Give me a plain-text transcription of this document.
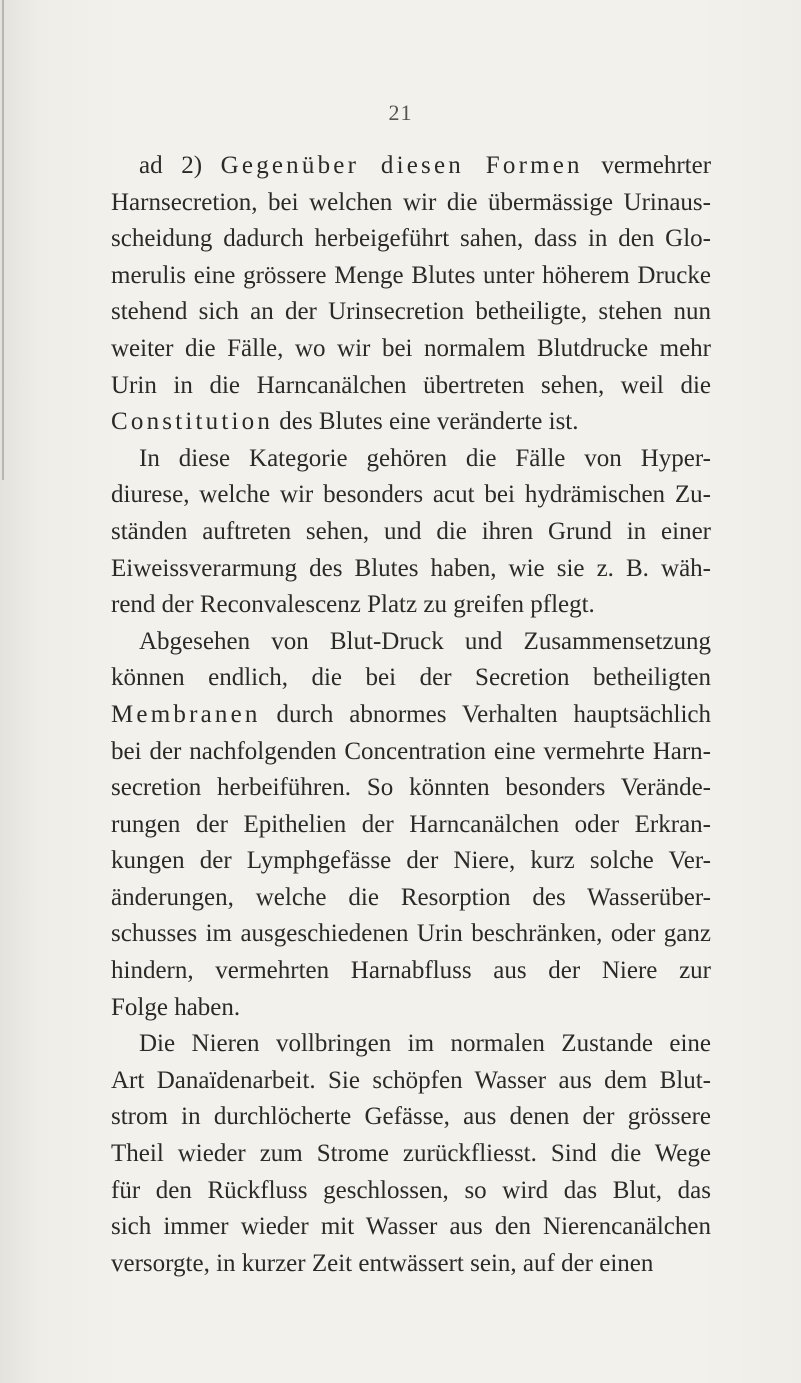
21
ad 2) Gegenüber diesen Formen vermehrter
Harnsecretion, bei welchen wir die übermässige Urinaus-
scheidung dadurch herbeigeführt sahen, dass in den Glo-
merulis eine grössere Menge Blutes unter höherem Drucke
stehend sich an der Urinsecretion betheiligte, stehen nun
weiter die Fälle, wo wir bei normalem Blutdrucke mehr
Urin in die Harncanälchen übertreten sehen, weil die
Constitution des Blutes eine veränderte ist.
In diese Kategorie gehören die Fälle von Hyper-
diurese, welche wir besonders acut bei hydrämischen Zu-
ständen auftreten sehen, und die ihren Grund in einer
Eiweissverarmung des Blutes haben, wie sie z. B. wäh-
rend der Reconvalescenz Platz zu greifen pflegt.
Abgesehen von Blut-Druck und Zusammensetzung
können endlich, die bei der Secretion betheiligten
Membranen durch abnormes Verhalten hauptsächlich
bei der nachfolgenden Concentration eine vermehrte Harn-
secretion herbeiführen. So könnten besonders Verände-
rungen der Epithelien der Harncanälchen oder Erkran-
kungen der Lymphgefässe der Niere, kurz solche Ver-
änderungen, welche die Resorption des Wasserüber-
schusses im ausgeschiedenen Urin beschränken, oder ganz
hindern, vermehrten Harnabfluss aus der Niere zur
Folge haben.
Die Nieren vollbringen im normalen Zustande eine
Art Danaïdenarbeit. Sie schöpfen Wasser aus dem Blut-
strom in durchlöcherte Gefässe, aus denen der grössere
Theil wieder zum Strome zurückfliesst. Sind die Wege
für den Rückfluss geschlossen, so wird das Blut, das
sich immer wieder mit Wasser aus den Nierencanälchen
versorgte, in kurzer Zeit entwässert sein, auf der einen
